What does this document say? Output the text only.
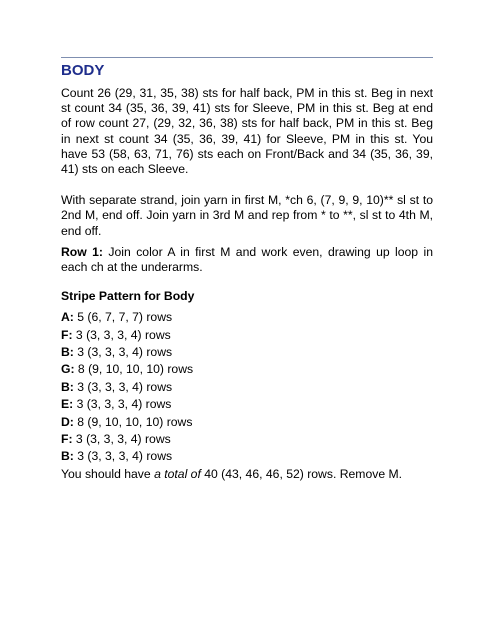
BODY

Count 26 (29, 31, 35, 38) sts for half back, PM in this st. Beg in next st count 34 (35, 36, 39, 41) sts for Sleeve, PM in this st. Beg at end of row count 27, (29, 32, 36, 38) sts for half back, PM in this st. Beg in next st count 34 (35, 36, 39, 41) for Sleeve, PM in this st. You have 53 (58, 63, 71, 76) sts each on Front/Back and 34 (35, 36, 39, 41) sts on each Sleeve.

With separate strand, join yarn in first M, *ch 6, (7, 9, 9, 10)** sl st to 2nd M, end off. Join yarn in 3rd M and rep from * to **, sl st to 4th M, end off.

Row 1: Join color A in first M and work even, drawing up loop in each ch at the underarms.

Stripe Pattern for Body
A: 5 (6, 7, 7, 7) rows
F: 3 (3, 3, 3, 4) rows
B: 3 (3, 3, 3, 4) rows
G: 8 (9, 10, 10, 10) rows
B: 3 (3, 3, 3, 4) rows
E: 3 (3, 3, 3, 4) rows
D: 8 (9, 10, 10, 10) rows
F: 3 (3, 3, 3, 4) rows
B: 3 (3, 3, 3, 4) rows

You should have a total of 40 (43, 46, 46, 52) rows. Remove M.
